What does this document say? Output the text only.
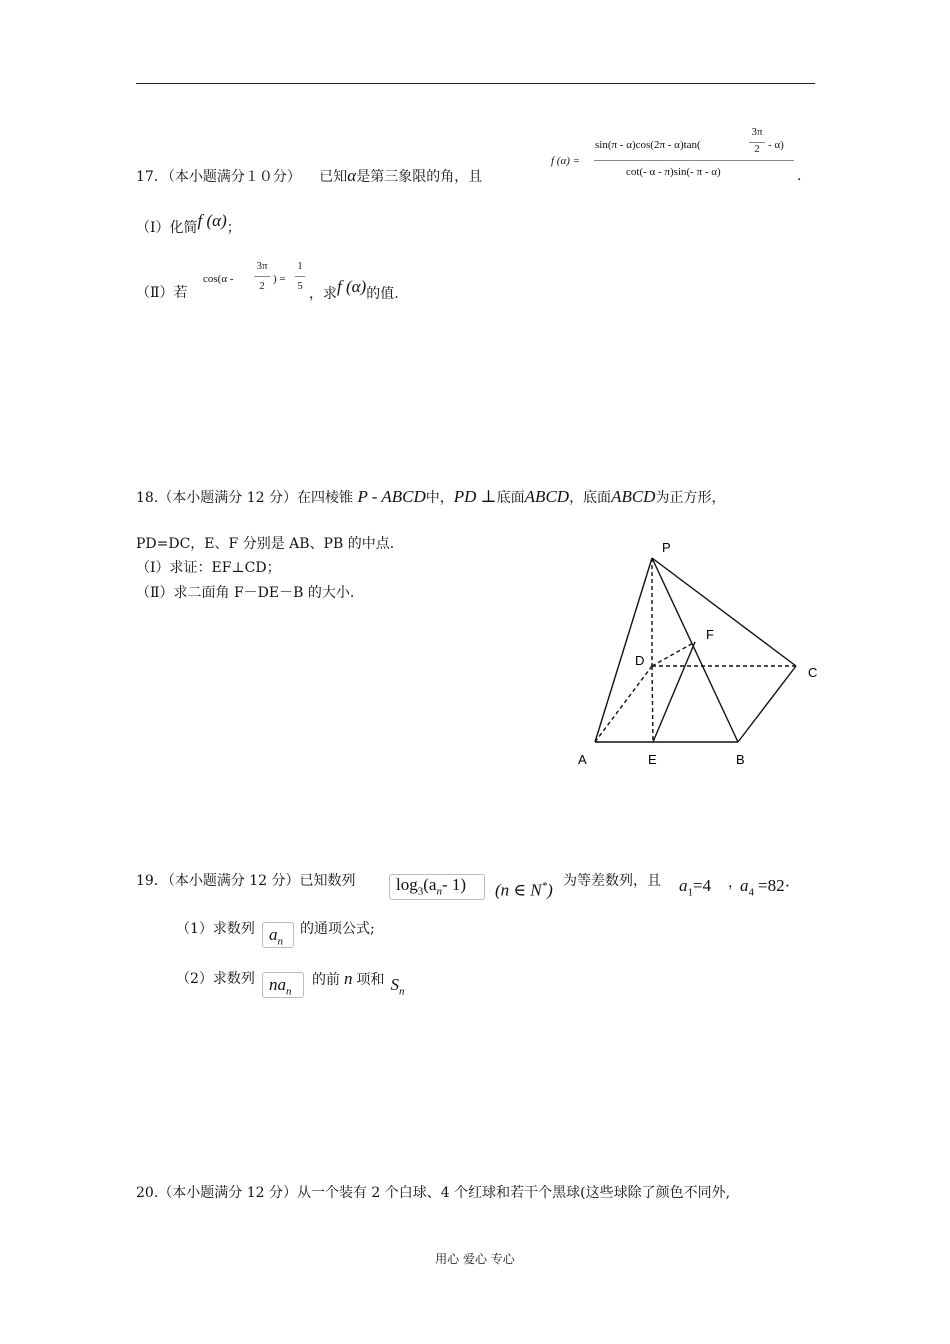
17．（本小题满分１０分） 已知α是第三象限的角，且
f (α) =
sin(π - α)cos(2π - α)tan(
3π
2 - α)
cot(- α - π)sin(- π - α)	.
（Ⅰ）化简f (α)；
（Ⅱ）若
cos(α -
3π
2
) =
1
5 ，求f (α)的值.
18.（本小题满分 12 分）在四棱锥 P - ABCD中，PD ⊥底面ABCD，底面ABCD为正方形，
PD=DC，E、F 分别是 AB、PB 的中点.
（Ⅰ）求证：EF⊥CD；
（Ⅱ）求二面角 F－DE－B 的大小.
P
F
D
C
A	E	B
19．（本小题满分 12 分）已知数列 $\log_3(a_n-$ 1) (n ∈ N*) 为等差数列，且 $a_1=4$ ，
$a_4 =82\cdot$
（1）求数列 $a_n$
的通项公式;
（2）求数列 $na_n$
的前 n 项和 $S_n$
20.（本小题满分 12 分）从一个装有 2 个白球、4 个红球和若干个黑球(这些球除了颜色不同外,
用心 爱心 专心
